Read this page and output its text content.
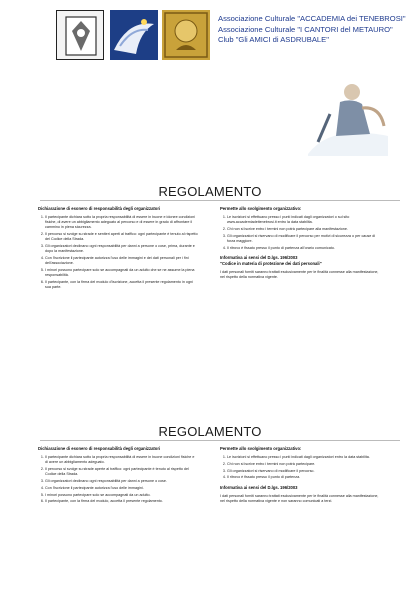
Associazione Culturale "ACCADEMIA dei TENEBROSI"
Associazione Culturale "I CANTORI del METAURO"
Club "Gli AMICI di ASDRUBALE"
REGOLAMENTO
Dichiarazione di esonero di responsabilità degli organizzatori
1. Il partecipante dichiara sotto la propria responsabilità di essere in buone e idonee condizioni fisiche, di avere un abbigliamento adeguato al percorso e di essere in grado di affrontare il cammino in piena sicurezza.
2. Il percorso si svolge su strade e sentieri aperti al traffico: ogni partecipante è tenuto al rispetto del Codice della Strada.
3. Gli organizzatori declinano ogni responsabilità per danni a persone o cose, prima, durante e dopo la manifestazione.
4. Con l'iscrizione il partecipante autorizza l'uso delle immagini e dei dati personali per i fini dell'associazione.
5. I minori possono partecipare solo se accompagnati da un adulto che se ne assume la piena responsabilità.
6. Il partecipante, con la firma del modulo d'iscrizione, accetta il presente regolamento in ogni sua parte.
Permette allo svolgimento organizzativo:
1. Le iscrizioni si effettuano presso i punti indicati dagli organizzatori o sul sito www.accademiadeitenebrosi.it entro la data stabilita.
2. Chi non si iscrive entro i termini non potrà partecipare alla manifestazione.
3. Gli organizzatori si riservano di modificare il percorso per motivi di sicurezza o per cause di forza maggiore.
4. Il ritrovo è fissato presso il punto di partenza all'orario comunicato.
Informativa ai sensi del D.lgs. 196/2003
"Codice in materia di protezione dei dati personali"

I dati personali forniti saranno trattati esclusivamente per le finalità connesse alla manifestazione, nel rispetto della normativa vigente.

REGOLAMENTO
Dichiarazione di esonero di responsabilità degli organizzatori
1. Il partecipante dichiara sotto la propria responsabilità di essere in buone condizioni fisiche e di avere un abbigliamento adeguato.
2. Il percorso si svolge su strade aperte al traffico: ogni partecipante è tenuto al rispetto del Codice della Strada.
3. Gli organizzatori declinano ogni responsabilità per danni a persone o cose.
4. Con l'iscrizione il partecipante autorizza l'uso delle immagini.
5. I minori possono partecipare solo se accompagnati da un adulto.
6. Il partecipante, con la firma del modulo, accetta il presente regolamento.
Permette allo svolgimento organizzativo:
1. Le iscrizioni si effettuano presso i punti indicati dagli organizzatori entro la data stabilita.
2. Chi non si iscrive entro i termini non potrà partecipare.
3. Gli organizzatori si riservano di modificare il percorso.
4. Il ritrovo è fissato presso il punto di partenza.
Informativa ai sensi del D.lgs. 196/2003

I dati personali forniti saranno trattati esclusivamente per le finalità connesse alla manifestazione, nel rispetto della normativa vigente e non saranno comunicati a terzi.
